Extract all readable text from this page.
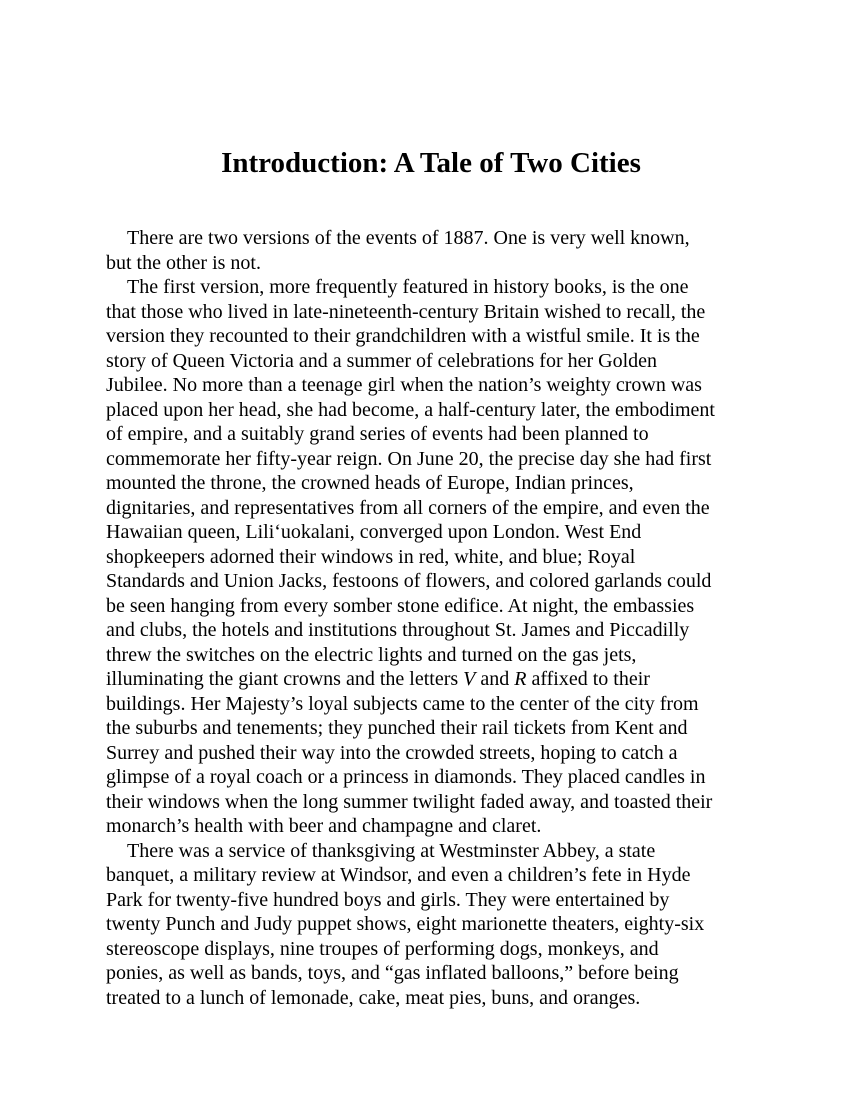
Introduction: A Tale of Two Cities

There are two versions of the events of 1887. One is very well known,
but the other is not.

The first version, more frequently featured in history books, is the one
that those who lived in late-nineteenth-century Britain wished to recall, the
version they recounted to their grandchildren with a wistful smile. It is the
story of Queen Victoria and a summer of celebrations for her Golden
Jubilee. No more than a teenage girl when the nation’s weighty crown was
placed upon her head, she had become, a half-century later, the embodiment
of empire, and a suitably grand series of events had been planned to
commemorate her fifty-year reign. On June 20, the precise day she had first
mounted the throne, the crowned heads of Europe, Indian princes,
dignitaries, and representatives from all corners of the empire, and even the
Hawaiian queen, Lili‘uokalani, converged upon London. West End
shopkeepers adorned their windows in red, white, and blue; Royal
Standards and Union Jacks, festoons of flowers, and colored garlands could
be seen hanging from every somber stone edifice. At night, the embassies
and clubs, the hotels and institutions throughout St. James and Piccadilly
threw the switches on the electric lights and turned on the gas jets,
illuminating the giant crowns and the letters V and R affixed to their
buildings. Her Majesty’s loyal subjects came to the center of the city from
the suburbs and tenements; they punched their rail tickets from Kent and
Surrey and pushed their way into the crowded streets, hoping to catch a
glimpse of a royal coach or a princess in diamonds. They placed candles in
their windows when the long summer twilight faded away, and toasted their
monarch’s health with beer and champagne and claret.

There was a service of thanksgiving at Westminster Abbey, a state
banquet, a military review at Windsor, and even a children’s fete in Hyde
Park for twenty-five hundred boys and girls. They were entertained by
twenty Punch and Judy puppet shows, eight marionette theaters, eighty-six
stereoscope displays, nine troupes of performing dogs, monkeys, and
ponies, as well as bands, toys, and “gas inflated balloons,” before being
treated to a lunch of lemonade, cake, meat pies, buns, and oranges.
